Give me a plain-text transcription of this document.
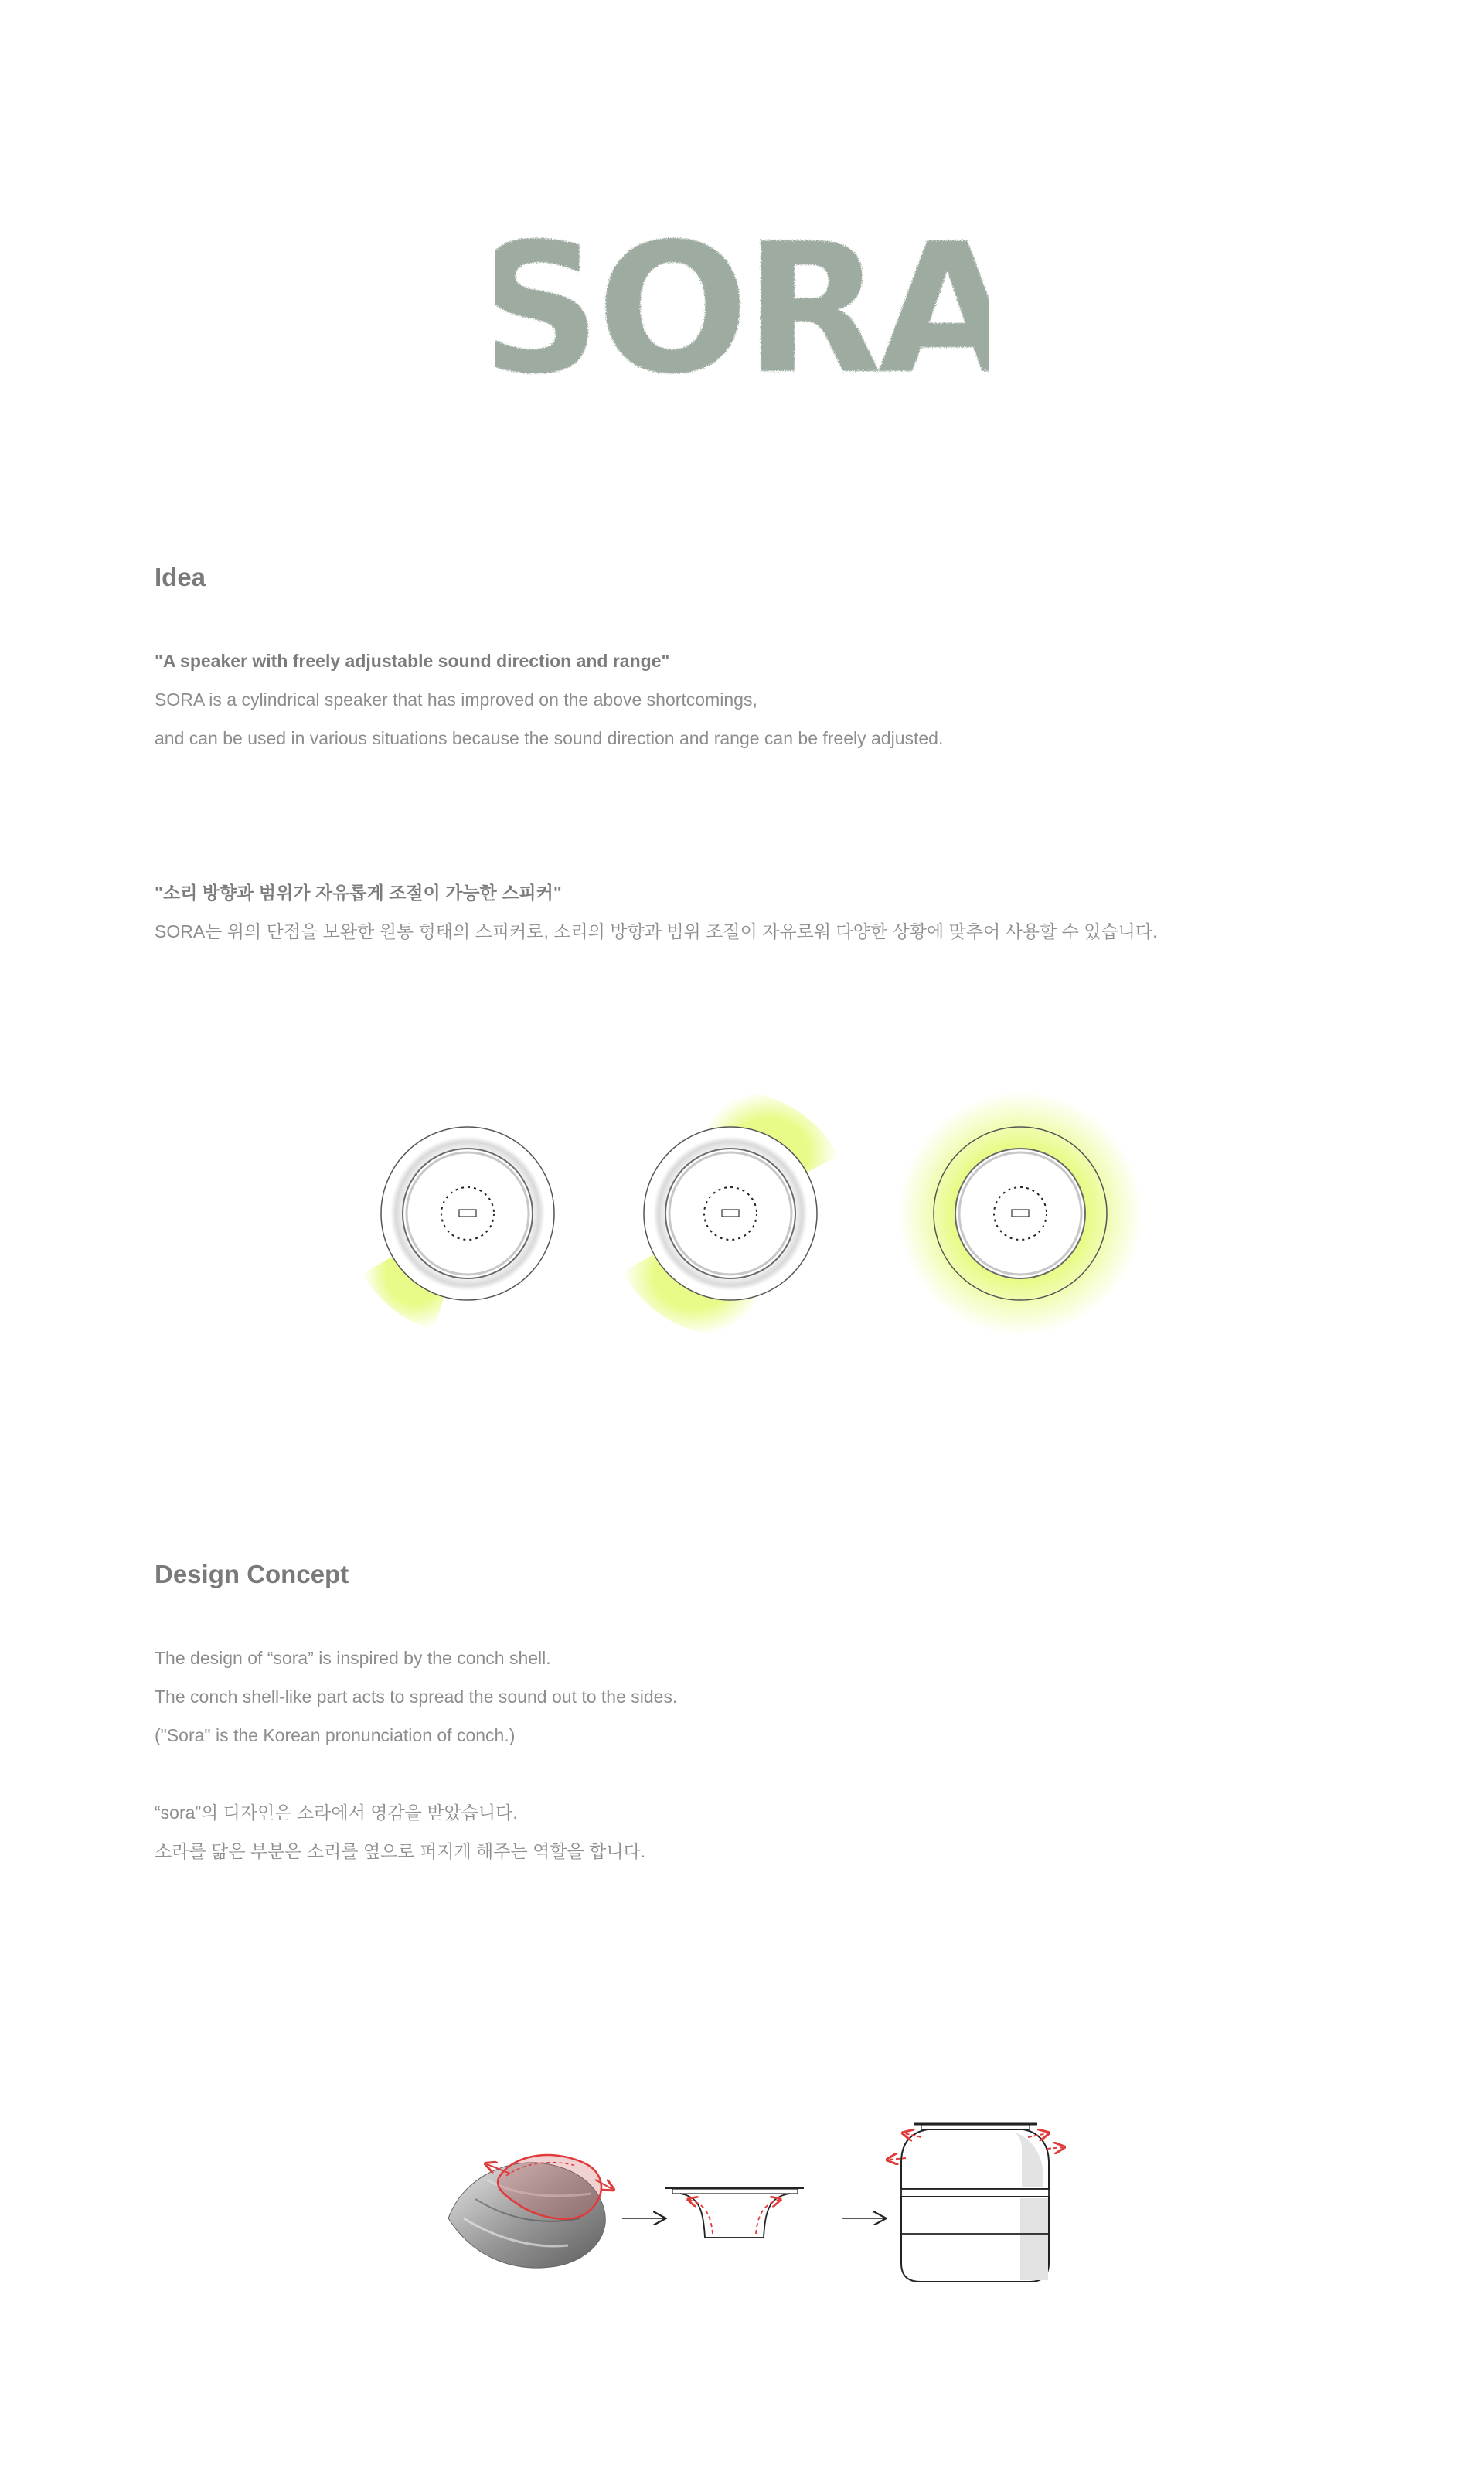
SORA
Idea

"A speaker with freely adjustable sound direction and range"

SORA is a cylindrical speaker that has improved on the above shortcomings,

and can be used in various situations because the sound direction and range can be freely adjusted.

"소리 방향과 범위가 자유롭게 조절이 가능한 스피커"

SORA는 위의 단점을 보완한 원통 형태의 스피커로, 소리의 방향과 범위 조절이 자유로워 다양한 상황에 맞추어 사용할 수 있습니다.

Design Concept

The design of “sora” is inspired by the conch shell.

The conch shell-like part acts to spread the sound out to the sides.

("Sora" is the Korean pronunciation of conch.)

“sora”의 디자인은 소라에서 영감을 받았습니다.

소라를 닮은 부분은 소리를 옆으로 퍼지게 해주는 역할을 합니다.
